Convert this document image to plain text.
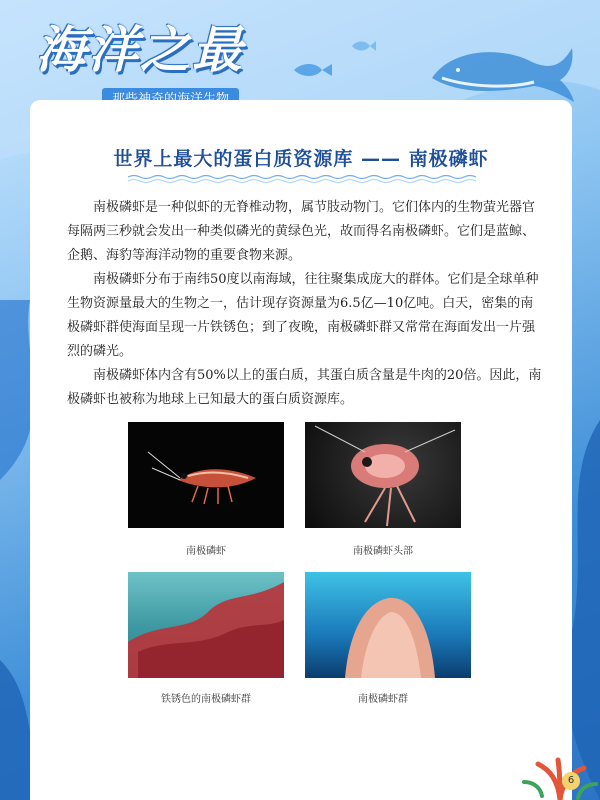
海洋之最
世界上最大的蛋白质资源库 —— 南极磷虾

南极磷虾是一种似虾的无脊椎动物，属节肢动物门。它们体内的生物萤光器官每隔两三秒就会发出一种类似磷光的黄绿色光，故而得名南极磷虾。它们是蓝鲸、企鹅、海豹等海洋动物的重要食物来源。

南极磷虾分布于南纬50度以南海域，往往聚集成庞大的群体。它们是全球单种生物资源量最大的生物之一，估计现存资源量为6.5亿—10亿吨。白天，密集的南极磷虾群使海面呈现一片铁锈色；到了夜晚，南极磷虾群又常常在海面发出一片强烈的磷光。

南极磷虾体内含有50%以上的蛋白质，其蛋白质含量是牛肉的20倍。因此，南极磷虾也被称为地球上已知最大的蛋白质资源库。

南极磷虾	南极磷虾头部
铁锈色的南极磷虾群	南极磷虾群
6
